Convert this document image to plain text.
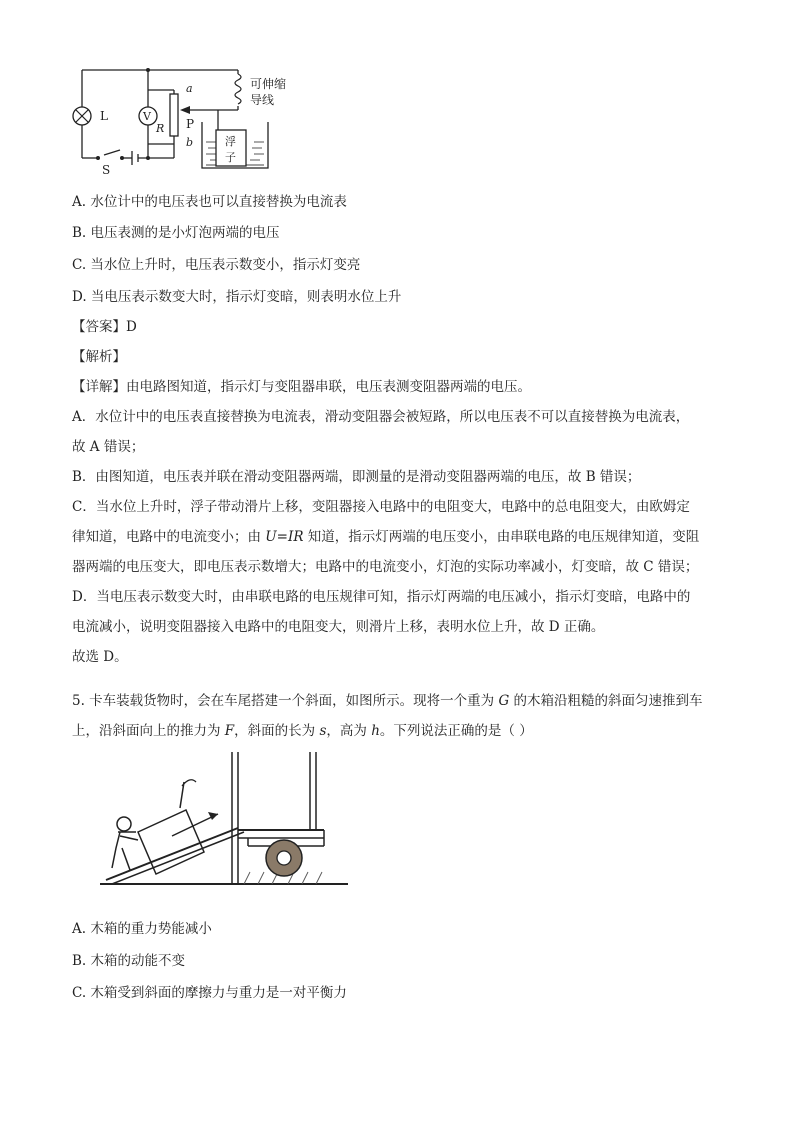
L	V
R P
a
b
S
可伸缩
导线
浮
子
A. 水位计中的电压表也可以直接替换为电流表
B. 电压表测的是小灯泡两端的电压
C. 当水位上升时，电压表示数变小，指示灯变亮
D. 当电压表示数变大时，指示灯变暗，则表明水位上升
【答案】D
【解析】
【详解】由电路图知道，指示灯与变阻器串联，电压表测变阻器两端的电压。
A．水位计中的电压表直接替换为电流表，滑动变阻器会被短路，所以电压表不可以直接替换为电流表，
故 A 错误；
B．由图知道，电压表并联在滑动变阻器两端，即测量的是滑动变阻器两端的电压，故 B 错误；
C．当水位上升时，浮子带动滑片上移，变阻器接入电路中的电阻变大，电路中的总电阻变大，由欧姆定
律知道，电路中的电流变小；由 U=IR 知道，指示灯两端的电压变小，由串联电路的电压规律知道，变阻
器两端的电压变大，即电压表示数增大；电路中的电流变小，灯泡的实际功率减小，灯变暗，故 C 错误；
D．当电压表示数变大时，由串联电路的电压规律可知，指示灯两端的电压减小，指示灯变暗，电路中的
电流减小，说明变阻器接入电路中的电阻变大，则滑片上移，表明水位上升，故 D 正确。
故选 D。
5. 卡车装载货物时，会在车尾搭建一个斜面，如图所示。现将一个重为 G 的木箱沿粗糙的斜面匀速推到车
上，沿斜面向上的推力为 F，斜面的长为 s，高为 h。下列说法正确的是（ ）
A. 木箱的重力势能减小
B. 木箱的动能不变
C. 木箱受到斜面的摩擦力与重力是一对平衡力
